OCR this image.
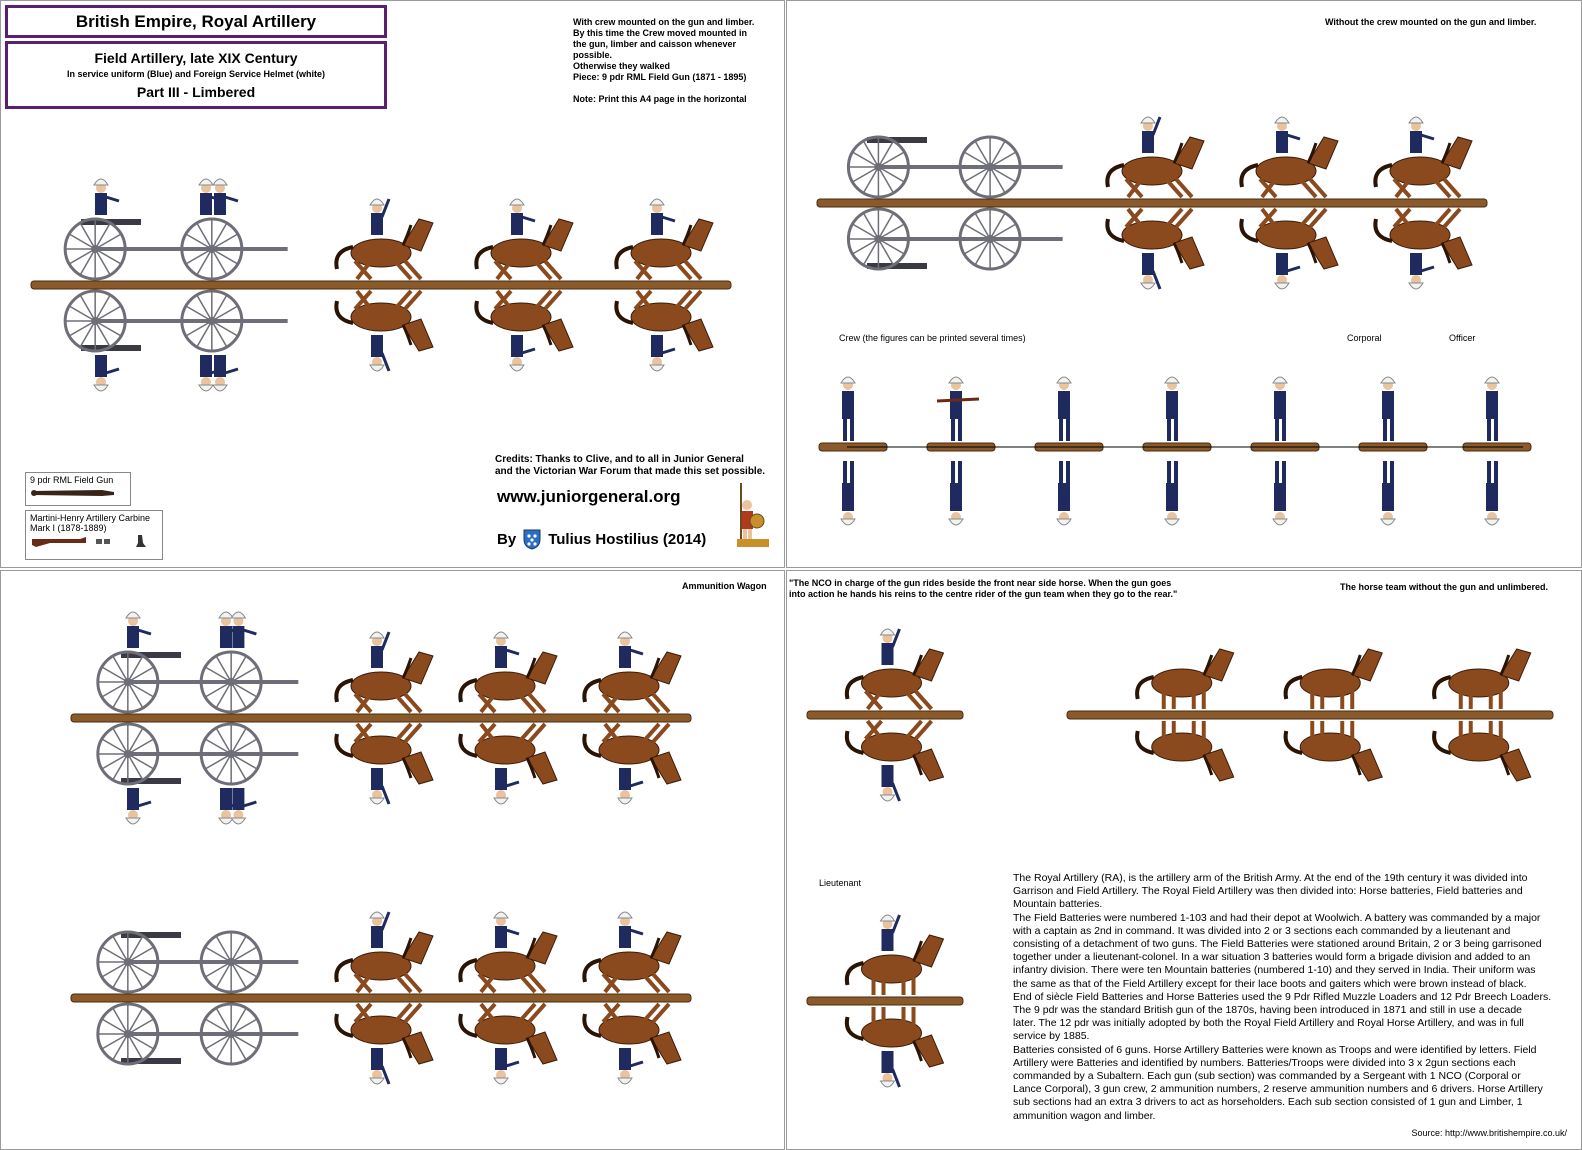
British Empire, Royal Artillery
Field Artillery, late XIX Century
In service uniform (Blue) and Foreign Service Helmet (white)
Part III - Limbered
With crew mounted on the gun and limber.
By this time the Crew moved mounted in
the gun, limber and caisson whenever
possible.
Otherwise they walked
Piece: 9 pdr RML Field Gun (1871 - 1895)
Note: Print this A4 page in the horizontal
Credits: Thanks to Clive, and to all in Junior General
and the Victorian War Forum that made this set possible.
www.juniorgeneral.org
By Tulius Hostilius (2014)
9 pdr RML Field Gun
Martini-Henry Artillery Carbine
Mark I (1878-1889)
Without the crew mounted on the gun and limber.
Crew (the figures can be printed several times)	Corporal	Officer
Ammunition Wagon "The NCO in charge of the gun rides beside the front near side horse. When the gun goes
into action he hands his reins to the centre rider of the gun team when they go to the rear."
The horse team without the gun and unlimbered.
Lieutenant	The Royal Artillery (RA), is the artillery arm of the British Army. At the end of the 19th century it was divided into
Garrison and Field Artillery. The Royal Field Artillery was then divided into: Horse batteries, Field batteries and
Mountain batteries.
The Field Batteries were numbered 1-103 and had their depot at Woolwich. A battery was commanded by a major
with a captain as 2nd in command. It was divided into 2 or 3 sections each commanded by a lieutenant and
consisting of a detachment of two guns. The Field Batteries were stationed around Britain, 2 or 3 being garrisoned
together under a lieutenant-colonel. In a war situation 3 batteries would form a brigade division and added to an
infantry division. There were ten Mountain batteries (numbered 1-10) and they served in India. Their uniform was
the same as that of the Field Artillery except for their lace boots and gaiters which were brown instead of black.
End of siècle Field Batteries and Horse Batteries used the 9 Pdr Rifled Muzzle Loaders and 12 Pdr Breech Loaders.
The 9 pdr was the standard British gun of the 1870s, having been introduced in 1871 and still in use a decade
later. The 12 pdr was initially adopted by both the Royal Field Artillery and Royal Horse Artillery, and was in full
service by 1885.
Batteries consisted of 6 guns. Horse Artillery Batteries were known as Troops and were identified by letters. Field
Artillery were Batteries and identified by numbers. Batteries/Troops were divided into 3 x 2gun sections each
commanded by a Subaltern. Each gun (sub section) was commanded by a Sergeant with 1 NCO (Corporal or
Lance Corporal), 3 gun crew, 2 ammunition numbers, 2 reserve ammunition numbers and 6 drivers. Horse Artillery
sub sections had an extra 3 drivers to act as horseholders. Each sub section consisted of 1 gun and Limber, 1
ammunition wagon and limber.
Source: http://www.britishempire.co.uk/
